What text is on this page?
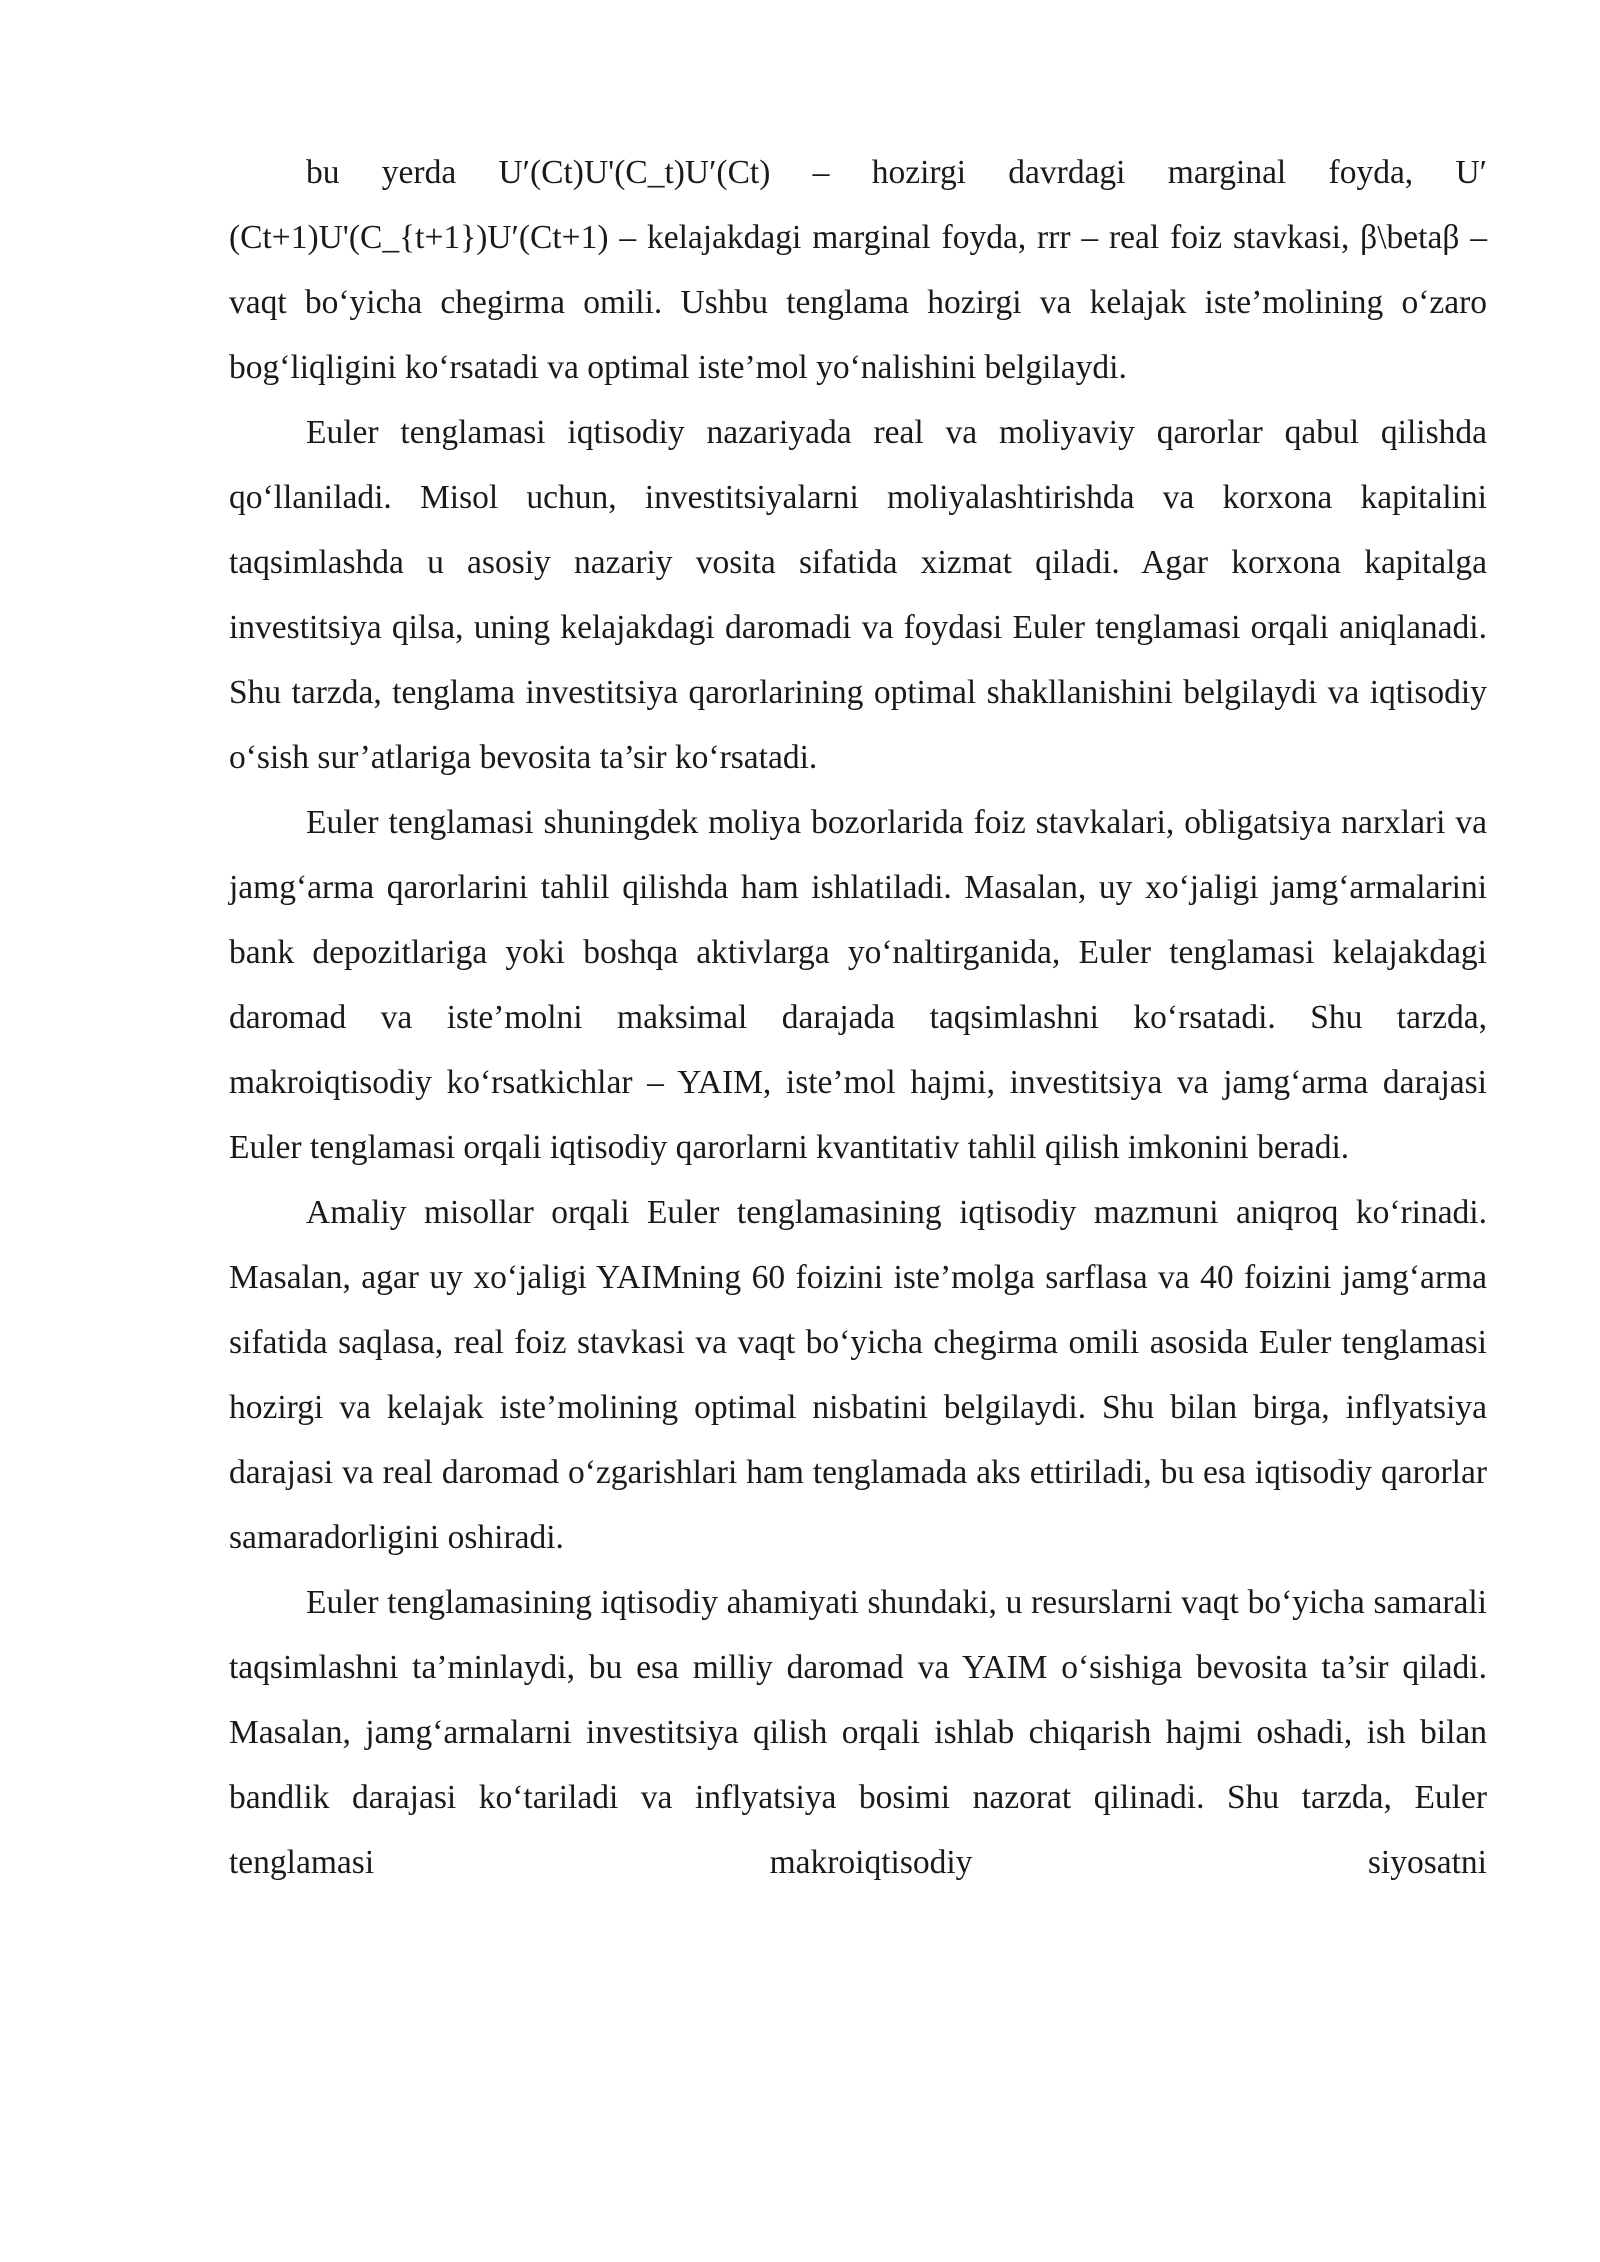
bu yerda U′(Ct)U'(C_t)U′(Ct) – hozirgi davrdagi marginal foyda, U′(Ct+1)U'(C_{t+1})U′(Ct+1) – kelajakdagi marginal foyda, rrr – real foiz stavkasi, β\betaβ – vaqt bo‘yicha chegirma omili. Ushbu tenglama hozirgi va kelajak iste’molining o‘zaro bog‘liqligini ko‘rsatadi va optimal iste’mol yo‘nalishini belgilaydi.

Euler tenglamasi iqtisodiy nazariyada real va moliyaviy qarorlar qabul qilishda qo‘llaniladi. Misol uchun, investitsiyalarni moliyalashtirishda va korxona kapitalini taqsimlashda u asosiy nazariy vosita sifatida xizmat qiladi. Agar korxona kapitalga investitsiya qilsa, uning kelajakdagi daromadi va foydasi Euler tenglamasi orqali aniqlanadi. Shu tarzda, tenglama investitsiya qarorlarining optimal shakllanishini belgilaydi va iqtisodiy o‘sish sur’atlariga bevosita ta’sir ko‘rsatadi.

Euler tenglamasi shuningdek moliya bozorlarida foiz stavkalari, obligatsiya narxlari va jamg‘arma qarorlarini tahlil qilishda ham ishlatiladi. Masalan, uy xo‘jaligi jamg‘armalarini bank depozitlariga yoki boshqa aktivlarga yo‘naltirganida, Euler tenglamasi kelajakdagi daromad va iste’molni maksimal darajada taqsimlashni ko‘rsatadi. Shu tarzda, makroiqtisodiy ko‘rsatkichlar – YAIM, iste’mol hajmi, investitsiya va jamg‘arma darajasi Euler tenglamasi orqali iqtisodiy qarorlarni kvantitativ tahlil qilish imkonini beradi.

Amaliy misollar orqali Euler tenglamasining iqtisodiy mazmuni aniqroq ko‘rinadi. Masalan, agar uy xo‘jaligi YAIMning 60 foizini iste’molga sarflasa va 40 foizini jamg‘arma sifatida saqlasa, real foiz stavkasi va vaqt bo‘yicha chegirma omili asosida Euler tenglamasi hozirgi va kelajak iste’molining optimal nisbatini belgilaydi. Shu bilan birga, inflyatsiya darajasi va real daromad o‘zgarishlari ham tenglamada aks ettiriladi, bu esa iqtisodiy qarorlar samaradorligini oshiradi.

Euler tenglamasining iqtisodiy ahamiyati shundaki, u resurslarni vaqt bo‘yicha samarali taqsimlashni ta’minlaydi, bu esa milliy daromad va YAIM o‘sishiga bevosita ta’sir qiladi. Masalan, jamg‘armalarni investitsiya qilish orqali ishlab chiqarish hajmi oshadi, ish bilan bandlik darajasi ko‘tariladi va inflyatsiya bosimi nazorat qilinadi. Shu tarzda, Euler tenglamasi makroiqtisodiy siyosatni
